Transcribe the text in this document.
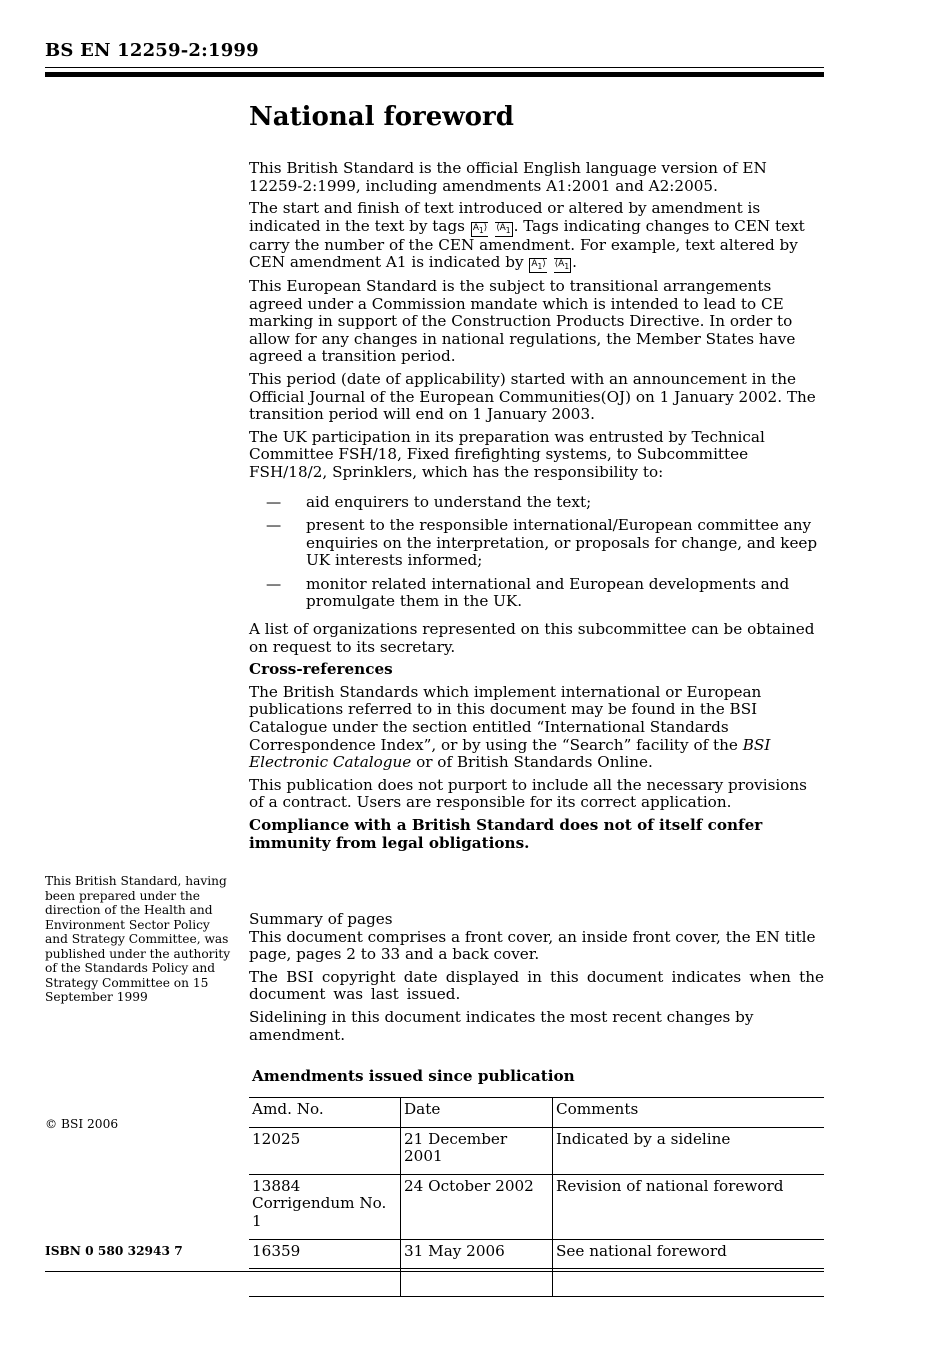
BS EN 12259-2:1999
National foreword

This British Standard is the official English language version of EN 12259-2:1999, including amendments A1:2001 and A2:2005.

The start and finish of text introduced or altered by amendment is indicated in the text by tags $A_1⟩$ $⟨A_1$ . Tags indicating changes to CEN text carry the number of the CEN amendment. For example, text altered by CEN amendment A1 is indicated by $A_1⟩$ $⟨A_1$ .

This European Standard is the subject to transitional arrangements agreed under a Commission mandate which is intended to lead to CE marking in support of the Construction Products Directive. In order to allow for any changes in national regulations, the Member States have agreed a transition period.

This period (date of applicability) started with an announcement in the Official Journal of the European Communities(OJ) on 1 January 2002. The transition period will end on 1 January 2003.

The UK participation in its preparation was entrusted by Technical Committee FSH/18, Fixed firefighting systems, to Subcommittee FSH/18/2, Sprinklers, which has the responsibility to:

— aid enquirers to understand the text;
— present to the responsible international/European committee any enquiries on the interpretation, or proposals for change, and keep UK interests informed;
— monitor related international and European developments and promulgate them in the UK.

A list of organizations represented on this subcommittee can be obtained on request to its secretary.

Cross-references

The British Standards which implement international or European publications referred to in this document may be found in the BSI Catalogue under the section entitled “International Standards Correspondence Index”, or by using the “Search” facility of the BSI Electronic Catalogue or of British Standards Online.

This publication does not purport to include all the necessary provisions of a contract. Users are responsible for its correct application.

Compliance with a British Standard does not of itself confer immunity from legal obligations.

This British Standard, having been prepared under the direction of the Health and Environment Sector Policy and Strategy Committee, was published under the authority of the Standards Policy and Strategy Committee on 15 September 1999

Summary of pages

This document comprises a front cover, an inside front cover, the EN title page, pages 2 to 33 and a back cover.

The BSI copyright date displayed in this document indicates when the document was last issued.

Sidelining in this document indicates the most recent changes by amendment.

Amendments issued since publication
Amd. No.	Date	Comments
12025	21 December 2001	Indicated by a sideline
13884
Corrigendum No. 1	24 October 2002	Revision of national foreword
16359	31 May 2006	See national foreword

© BSI 2006
ISBN 0 580 32943 7
